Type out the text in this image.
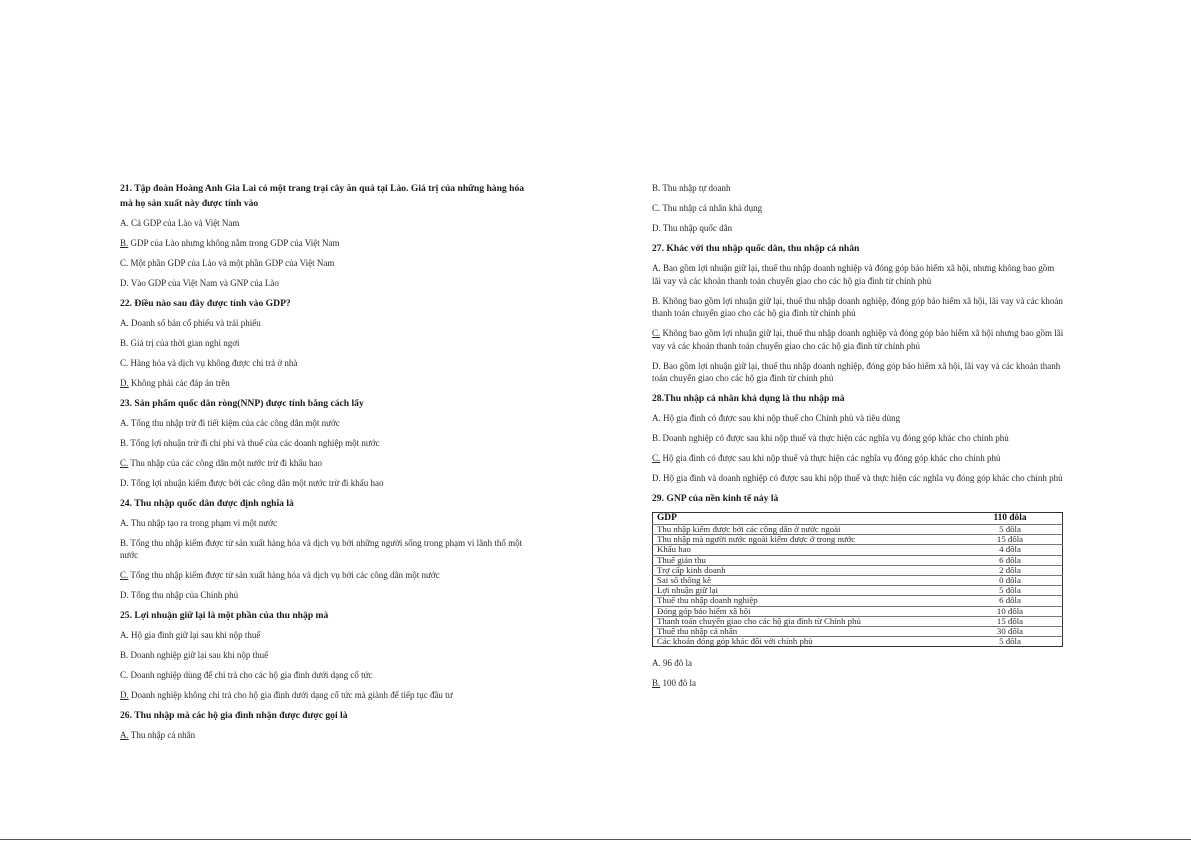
21. Tập đoàn Hoàng Anh Gia Lai có một trang trại cây ăn quả tại Lào. Giá trị của những hàng hóa mà họ sản xuất này được tính vào

A. Cả GDP của Lào và Việt Nam

B. GDP của Lào nhưng không nằm trong GDP của Việt Nam

C. Một phần GDP của Lào và một phần GDP của Việt Nam

D. Vào GDP của Việt Nam và GNP của Lào

22. Điều nào sau đây được tính vào GDP?

A. Doanh số bán cổ phiếu và trái phiếu

B. Giá trị của thời gian nghỉ ngơi

C. Hàng hóa và dịch vụ không được chi trả ở nhà

D. Không phải các đáp án trên

23. Sản phẩm quốc dân ròng(NNP) được tính bằng cách lấy

A. Tổng thu nhập trừ đi tiết kiệm của các công dân một nước

B. Tổng lợi nhuận trừ đi chi phí và thuế của các doanh nghiệp một nước

C. Thu nhập của các công dân một nước trừ đi khấu hao

D. Tổng lợi nhuận kiếm được bởi các công dân một nước trừ đi khấu hao

24. Thu nhập quốc dân được định nghĩa là

A. Thu nhập tạo ra trong phạm vi một nước

B. Tổng thu nhập kiếm được từ sản xuất hàng hóa và dịch vụ bởi những người sống trong phạm vi lãnh thổ một nước

C. Tổng thu nhập kiếm được từ sản xuất hàng hóa và dịch vụ bởi các công dân một nước

D. Tổng thu nhập của Chính phủ

25. Lợi nhuận giữ lại là một phần của thu nhập mà

A. Hộ gia đình giữ lại sau khi nộp thuế

B. Doanh nghiệp giữ lại sau khi nộp thuế

C. Doanh nghiệp dùng để chi trả cho các hộ gia đình dưới dạng cổ tức

D. Doanh nghiệp không chi trả cho hộ gia đình dưới dạng cổ tức mà giành để tiếp tục đầu tư

26. Thu nhập mà các hộ gia đình nhận được được gọi là

A. Thu nhập cá nhân

B. Thu nhập tự doanh

C. Thu nhập cá nhân khả dụng

D. Thu nhập quốc dân

27. Khác với thu nhập quốc dân, thu nhập cá nhân

A. Bao gồm lợi nhuận giữ lại, thuế thu nhập doanh nghiệp và đóng góp bảo hiểm xã hội, nhưng không bao gồm lãi vay và các khoản thanh toán chuyển giao cho các hộ gia đình từ chính phủ

B. Không bao gồm lợi nhuận giữ lại, thuế thu nhập doanh nghiệp, đóng góp bảo hiểm xã hội, lãi vay và các khoản thanh toán chuyển giao cho các hộ gia đình từ chính phủ

C. Không bao gồm lợi nhuận giữ lại, thuế thu nhập doanh nghiệp và đóng góp bảo hiểm xã hội nhưng bao gồm lãi vay và các khoản thanh toán chuyển giao cho các hộ gia đình từ chính phủ

D. Bao gồm lợi nhuận giữ lại, thuế thu nhập doanh nghiệp, đóng góp bảo hiểm xã hội, lãi vay và các khoản thanh toán chuyển giao cho các hộ gia đình từ chính phủ

28.Thu nhập cá nhân khả dụng là thu nhập mà

A. Hộ gia đình có được sau khi nộp thuế cho Chính phủ và tiêu dùng

B. Doanh nghiệp có được sau khi nộp thuế và thực hiện các nghĩa vụ đóng góp khác cho chính phủ

C. Hộ gia đình có được sau khi nộp thuế và thực hiện các nghĩa vụ đóng góp khác cho chính phủ

D. Hộ gia đình và doanh nghiệp có được sau khi nộp thuế và thực hiện các nghĩa vụ đóng góp khác cho chính phủ

29. GNP của nền kinh tế này là

GDP	110 đôla
Thu nhập kiếm được bởi các công dân ở nước ngoài	5 đôla
Thu nhập mà người nước ngoài kiếm được ở trong nước	15 đôla
Khấu hao	4 đôla
Thuế gián thu	6 đôla
Trợ cấp kinh doanh	2 đôla
Sai số thống kê	0 đôla
Lợi nhuận giữ lại	5 đôla
Thuế thu nhập doanh nghiệp	6 đôla
Đóng góp bảo hiểm xã hội	10 đôla
Thanh toán chuyển giao cho các hộ gia đình từ Chính phủ	15 đôla
Thuế thu nhập cá nhân	30 đôla
Các khoản đóng góp khác đối với chính phủ	5 đôla

A. 96 đô la

B. 100 đô la
